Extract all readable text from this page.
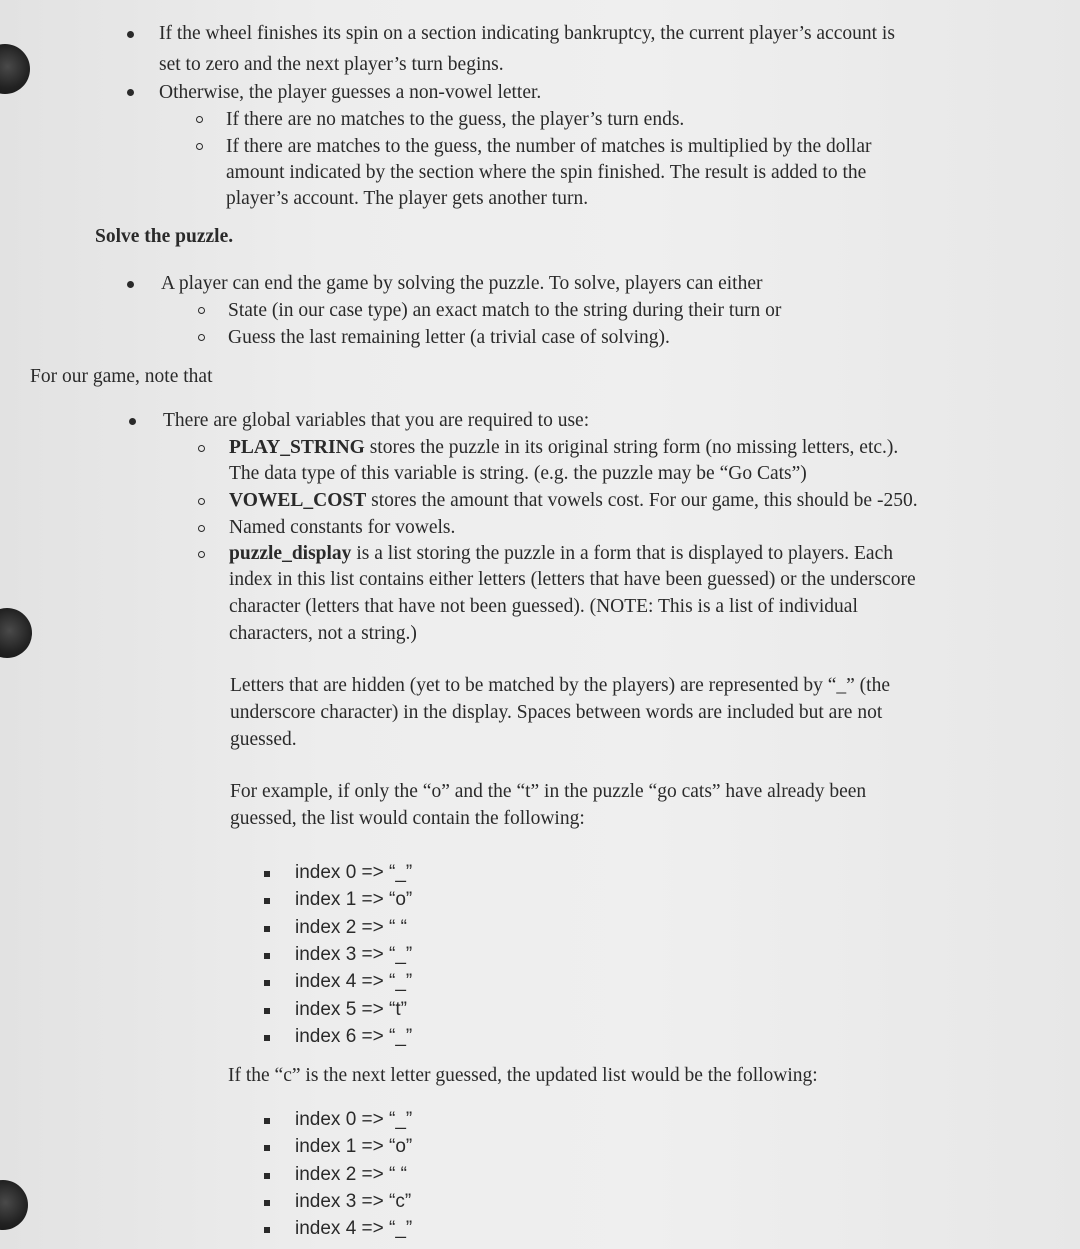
If the wheel finishes its spin on a section indicating bankruptcy, the current player’s account is
set to zero and the next player’s turn begins.
Otherwise, the player guesses a non-vowel letter.
If there are no matches to the guess, the player’s turn ends.
If there are matches to the guess, the number of matches is multiplied by the dollar
amount indicated by the section where the spin finished. The result is added to the
player’s account. The player gets another turn.
Solve the puzzle.
A player can end the game by solving the puzzle. To solve, players can either
State (in our case type) an exact match to the string during their turn or
Guess the last remaining letter (a trivial case of solving).
For our game, note that
There are global variables that you are required to use:
PLAY_STRING stores the puzzle in its original string form (no missing letters, etc.).
The data type of this variable is string. (e.g. the puzzle may be “Go Cats”)
VOWEL_COST stores the amount that vowels cost. For our game, this should be -250.
Named constants for vowels.
puzzle_display is a list storing the puzzle in a form that is displayed to players. Each
index in this list contains either letters (letters that have been guessed) or the underscore
character (letters that have not been guessed). (NOTE: This is a list of individual
characters, not a string.)
Letters that are hidden (yet to be matched by the players) are represented by “_” (the
underscore character) in the display. Spaces between words are included but are not
guessed.
For example, if only the “o” and the “t” in the puzzle “go cats” have already been
guessed, the list would contain the following:
index 0 => “_”
index 1 => “o”
index 2 => “ “
index 3 => “_”
index 4 => “_”
index 5 => “t”
index 6 => “_”
If the “c” is the next letter guessed, the updated list would be the following:
index 0 => “_”
index 1 => “o”
index 2 => “ “
index 3 => “c”
index 4 => “_”
